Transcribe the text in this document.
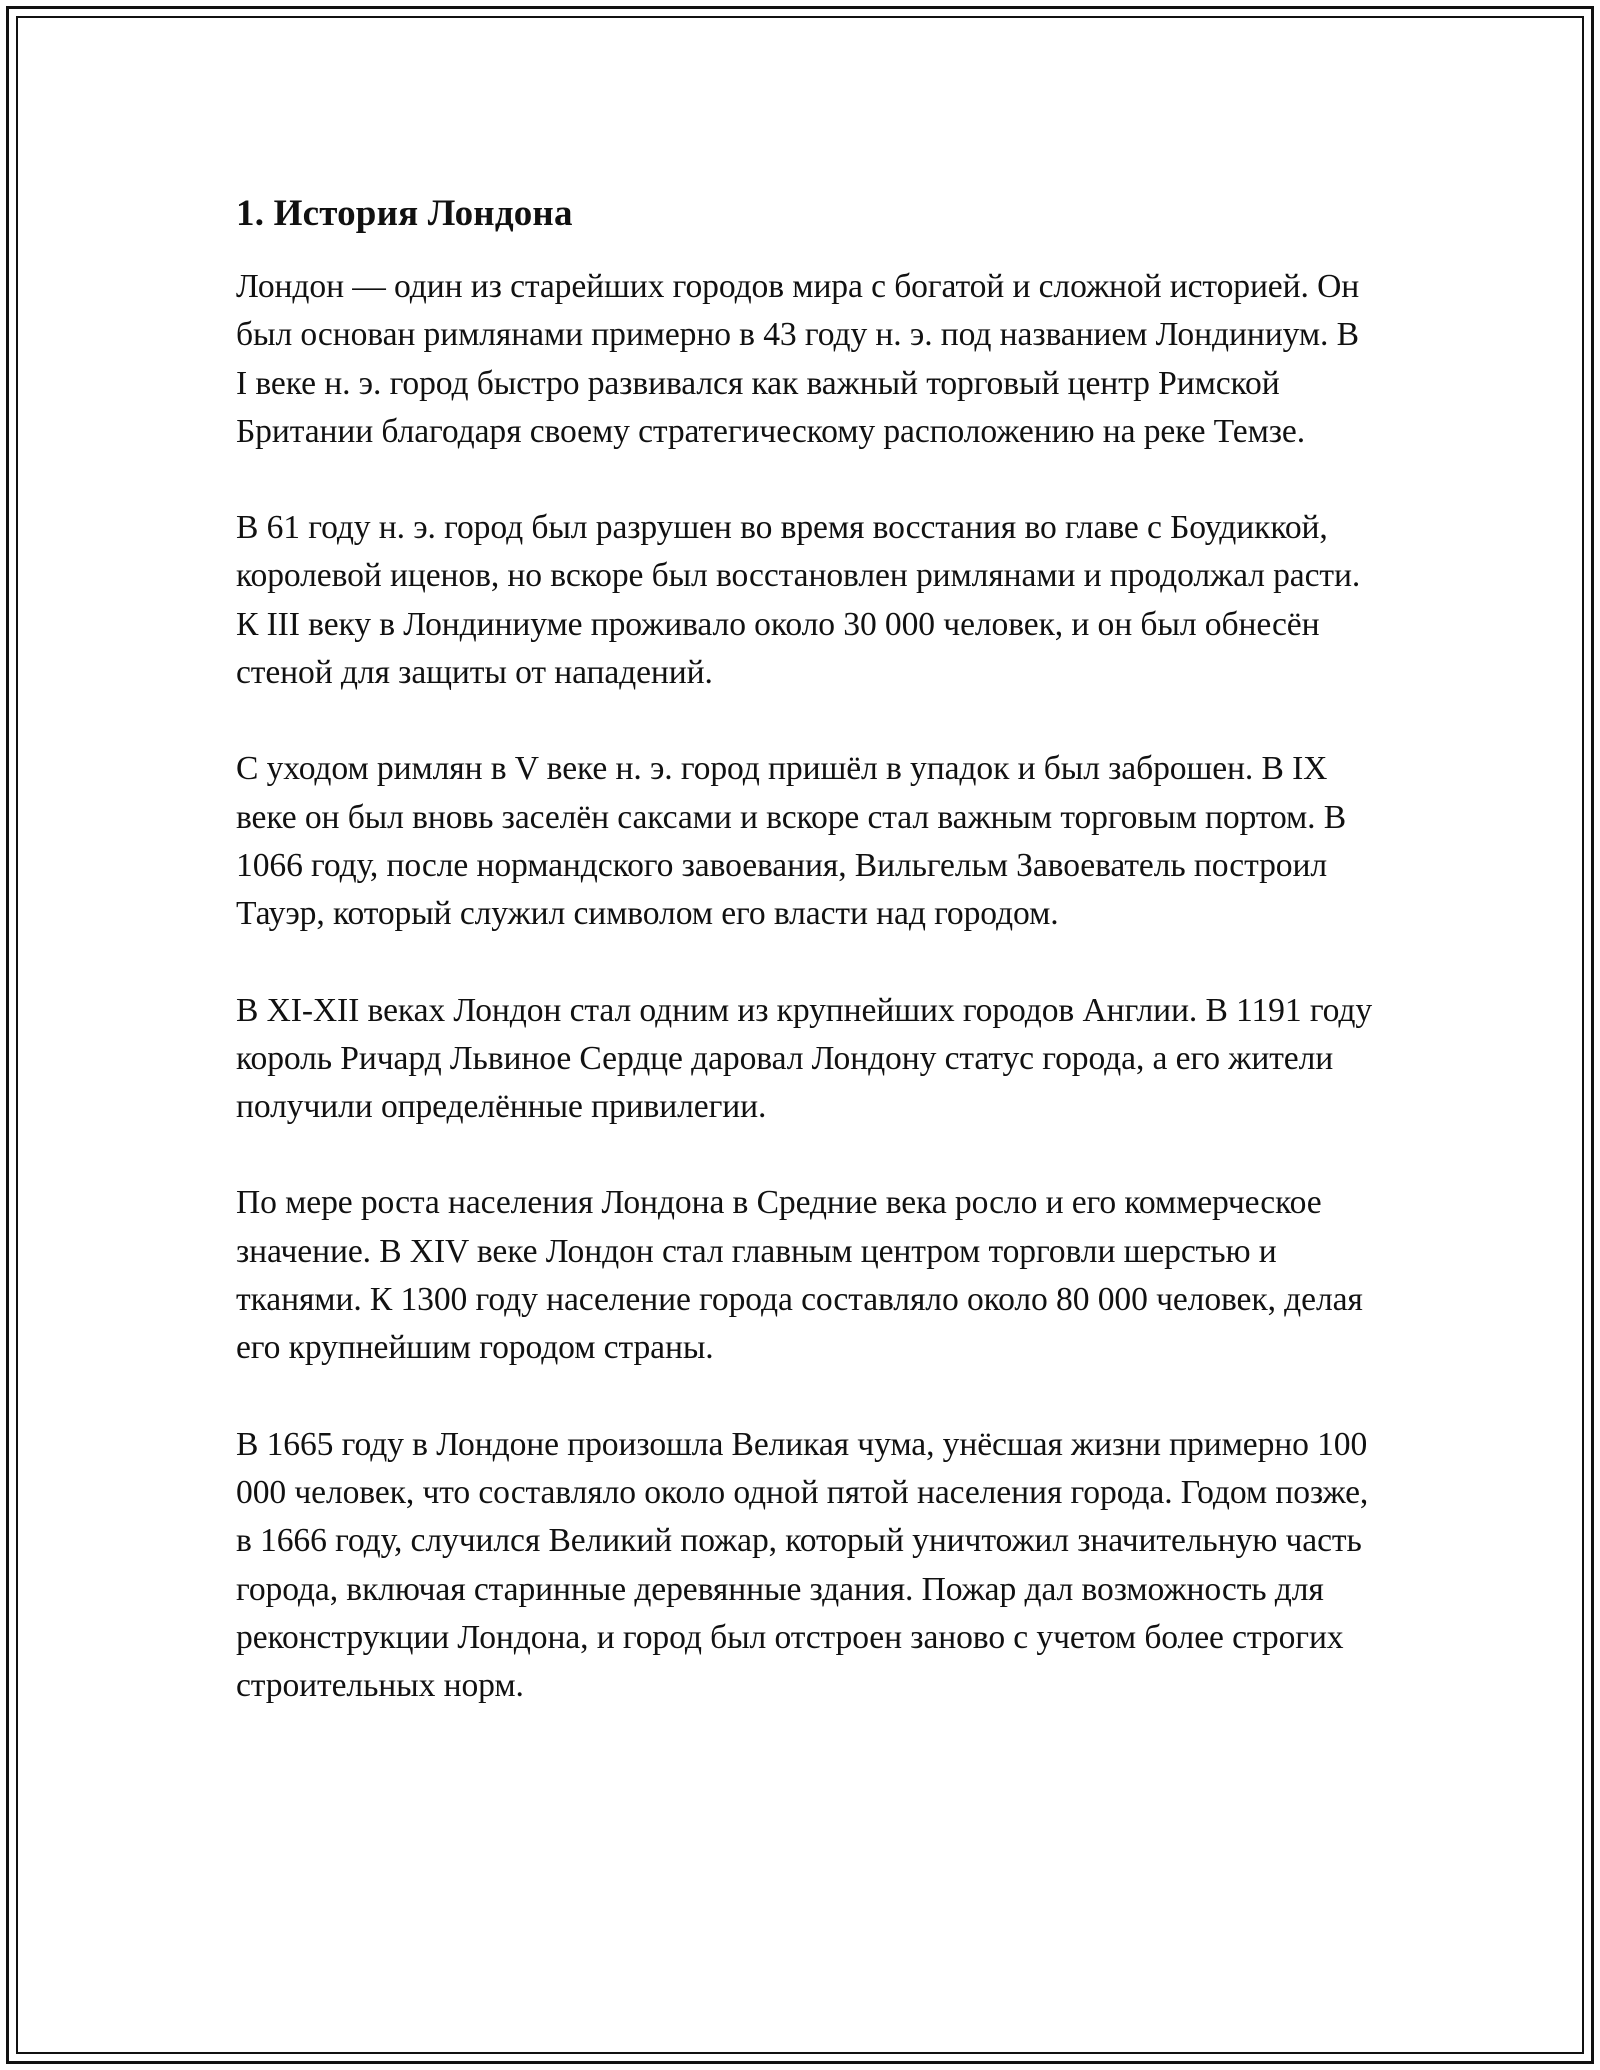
1. История Лондона

Лондон — один из старейших городов мира с богатой и сложной историей. Он был основан римлянами примерно в 43 году н. э. под названием Лондиниум. В I веке н. э. город быстро развивался как важный торговый центр Римской Британии благодаря своему стратегическому расположению на реке Темзе.

В 61 году н. э. город был разрушен во время восстания во главе с Боудиккой, королевой иценов, но вскоре был восстановлен римлянами и продолжал расти. К III веку в Лондиниуме проживало около 30 000 человек, и он был обнесён стеной для защиты от нападений.

С уходом римлян в V веке н. э. город пришёл в упадок и был заброшен. В IX веке он был вновь заселён саксами и вскоре стал важным торговым портом. В 1066 году, после нормандского завоевания, Вильгельм Завоеватель построил Тауэр, который служил символом его власти над городом.

В XI-XII веках Лондон стал одним из крупнейших городов Англии. В 1191 году король Ричард Львиное Сердце даровал Лондону статус города, а его жители получили определённые привилегии.

По мере роста населения Лондона в Средние века росло и его коммерческое значение. В XIV веке Лондон стал главным центром торговли шерстью и тканями. К 1300 году население города составляло около 80 000 человек, делая его крупнейшим городом страны.

В 1665 году в Лондоне произошла Великая чума, унёсшая жизни примерно 100 000 человек, что составляло около одной пятой населения города. Годом позже, в 1666 году, случился Великий пожар, который уничтожил значительную часть города, включая старинные деревянные здания. Пожар дал возможность для реконструкции Лондона, и город был отстроен заново с учетом более строгих строительных норм.
